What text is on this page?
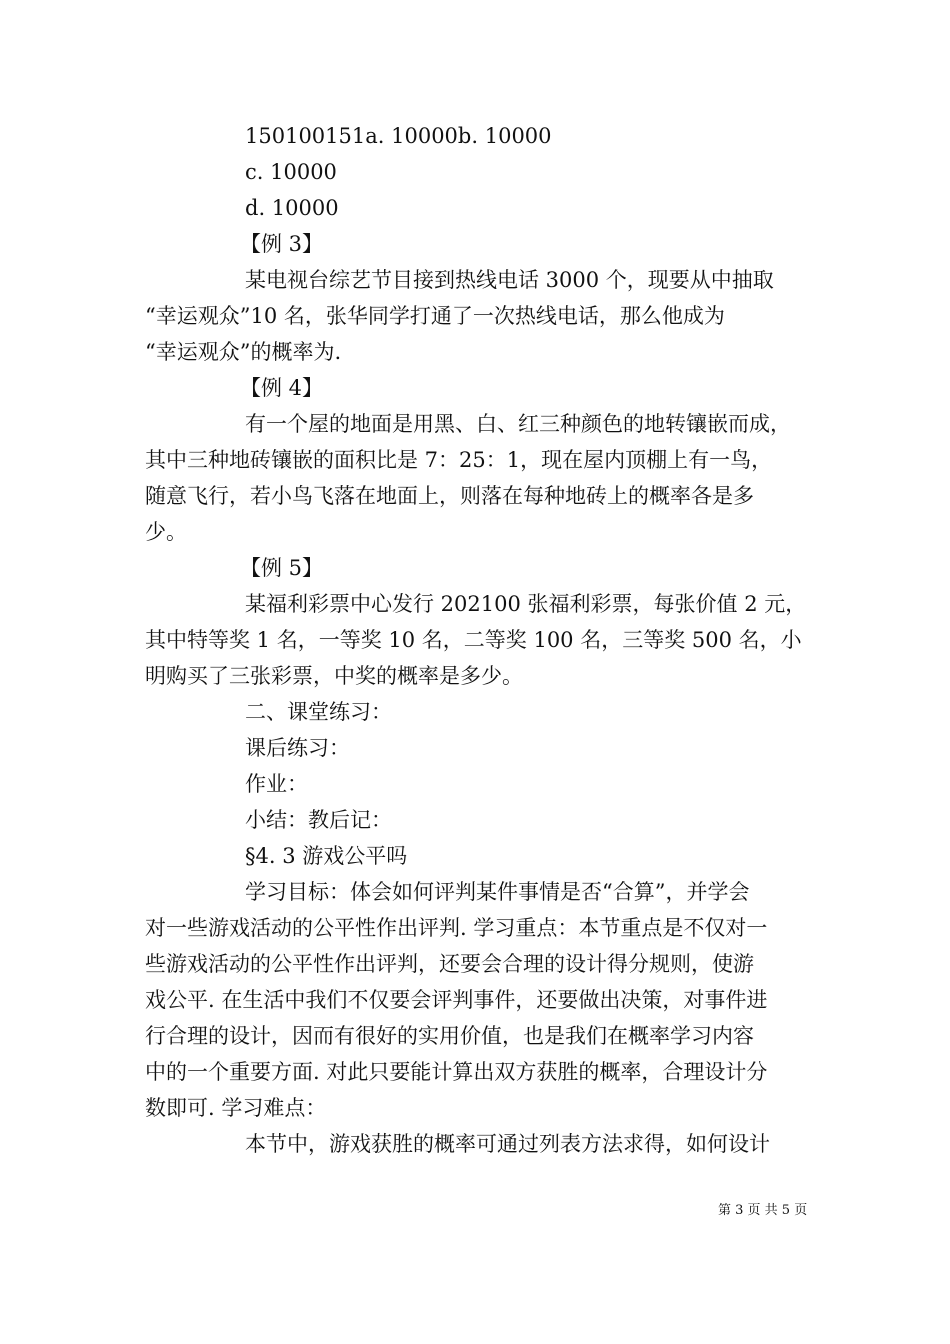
150100151a. 10000b. 10000
c. 10000
d. 10000
【例 3】
某电视台综艺节目接到热线电话 3000 个，现要从中抽取
“幸运观众”10 名，张华同学打通了一次热线电话，那么他成为
“幸运观众”的概率为.
【例 4】
有一个屋的地面是用黑、白、红三种颜色的地转镶嵌而成，
其中三种地砖镶嵌的面积比是 7：25：1，现在屋内顶棚上有一鸟，
随意飞行，若小鸟飞落在地面上，则落在每种地砖上的概率各是多
少。
【例 5】
某福利彩票中心发行 202100 张福利彩票，每张价值 2 元，
其中特等奖 1 名，一等奖 10 名，二等奖 100 名，三等奖 500 名，小
明购买了三张彩票，中奖的概率是多少。
二、课堂练习：
课后练习：
作业：
小结：教后记：
§4. 3 游戏公平吗
学习目标：体会如何评判某件事情是否“合算”，并学会
对一些游戏活动的公平性作出评判. 学习重点：本节重点是不仅对一
些游戏活动的公平性作出评判，还要会合理的设计得分规则，使游
戏公平. 在生活中我们不仅要会评判事件，还要做出决策，对事件进
行合理的设计，因而有很好的实用价值，也是我们在概率学习内容
中的一个重要方面. 对此只要能计算出双方获胜的概率，合理设计分
数即可. 学习难点：
本节中，游戏获胜的概率可通过列表方法求得，如何设计
第 3 页 共 5 页
